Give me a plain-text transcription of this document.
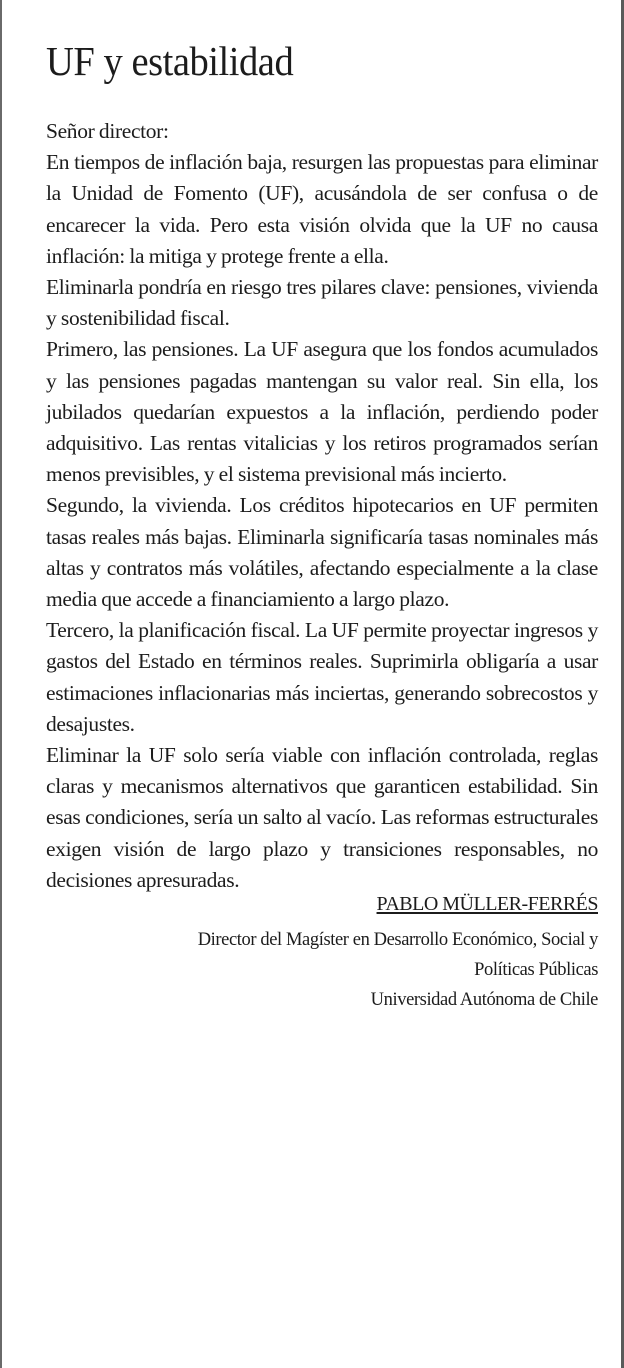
UF y estabilidad

Señor director:

En tiempos de inflación baja, resurgen las propuestas para eliminar la Unidad de Fomento (UF), acusándola de ser confusa o de encarecer la vida. Pero esta visión olvida que la UF no causa inflación: la mitiga y protege frente a ella.

Eliminarla pondría en riesgo tres pilares clave: pensiones, vivienda y sostenibilidad fiscal.

Primero, las pensiones. La UF asegura que los fondos acumulados y las pensiones pagadas mantengan su valor real. Sin ella, los jubilados quedarían expuestos a la inflación, perdiendo poder adquisitivo. Las rentas vitalicias y los retiros programados serían menos previsibles, y el sistema previsional más incierto.

Segundo, la vivienda. Los créditos hipotecarios en UF permiten tasas reales más bajas. Eliminarla significaría tasas nominales más altas y contratos más volátiles, afectando especialmente a la clase media que accede a financiamiento a largo plazo.

Tercero, la planificación fiscal. La UF permite proyectar ingresos y gastos del Estado en términos reales. Suprimirla obligaría a usar estimaciones inflacionarias más inciertas, generando sobrecostos y desajustes.

Eliminar la UF solo sería viable con inflación controlada, reglas claras y mecanismos alternativos que garanticen estabilidad. Sin esas condiciones, sería un salto al vacío. Las reformas estructurales exigen visión de largo plazo y transiciones responsables, no decisiones apresuradas.

PABLO MÜLLER-FERRÉS
Director del Magíster en Desarrollo Económico, Social y
Políticas Públicas
Universidad Autónoma de Chile
